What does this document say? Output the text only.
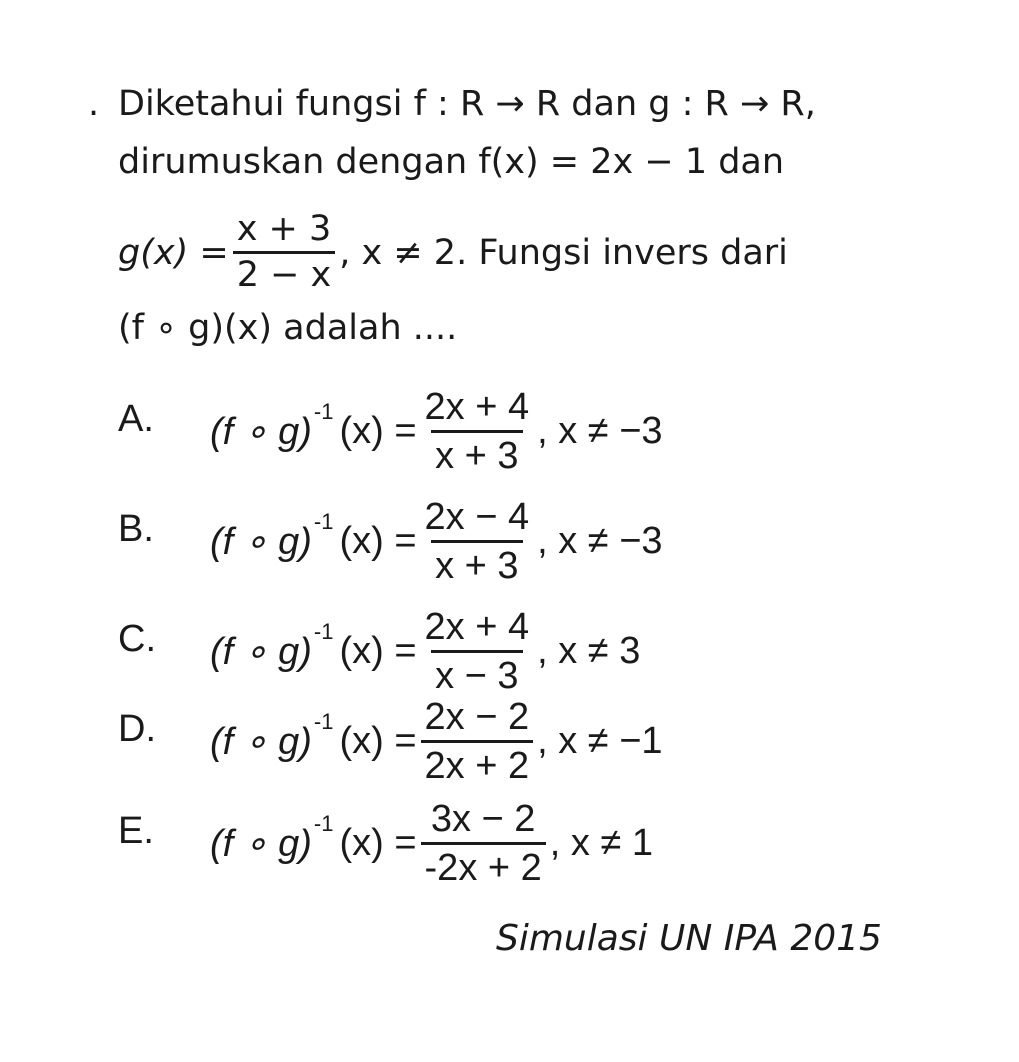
. Diketahui fungsi f : R → R dan g : R → R,
dirumuskan dengan f(x) = 2x − 1 dan
$g(x) = \frac{x + 3}{2 - x}$ , x ≠ 2. Fungsi invers dari
(f ∘ g)(x) adalah ....
A. (f ∘ g) -1 $(x) = \frac{2x + 4}{x + 3}$ , x ≠ −3
B. (f ∘ g) -1 $(x) = \frac{2x - 4}{x + 3}$ , x ≠ −3
C. (f ∘ g) -1 $(x) = \frac{2x + 4}{x - 3}$ , x ≠ 3
D. (f ∘ g) -1 $(x) = \frac{2x - 2}{2x + 2}$ , x ≠ −1
E. (f ∘ g) -1 $(x) = \frac{3x - 2}{-2x + 2}$ , x ≠ 1
Simulasi UN IPA 2015
